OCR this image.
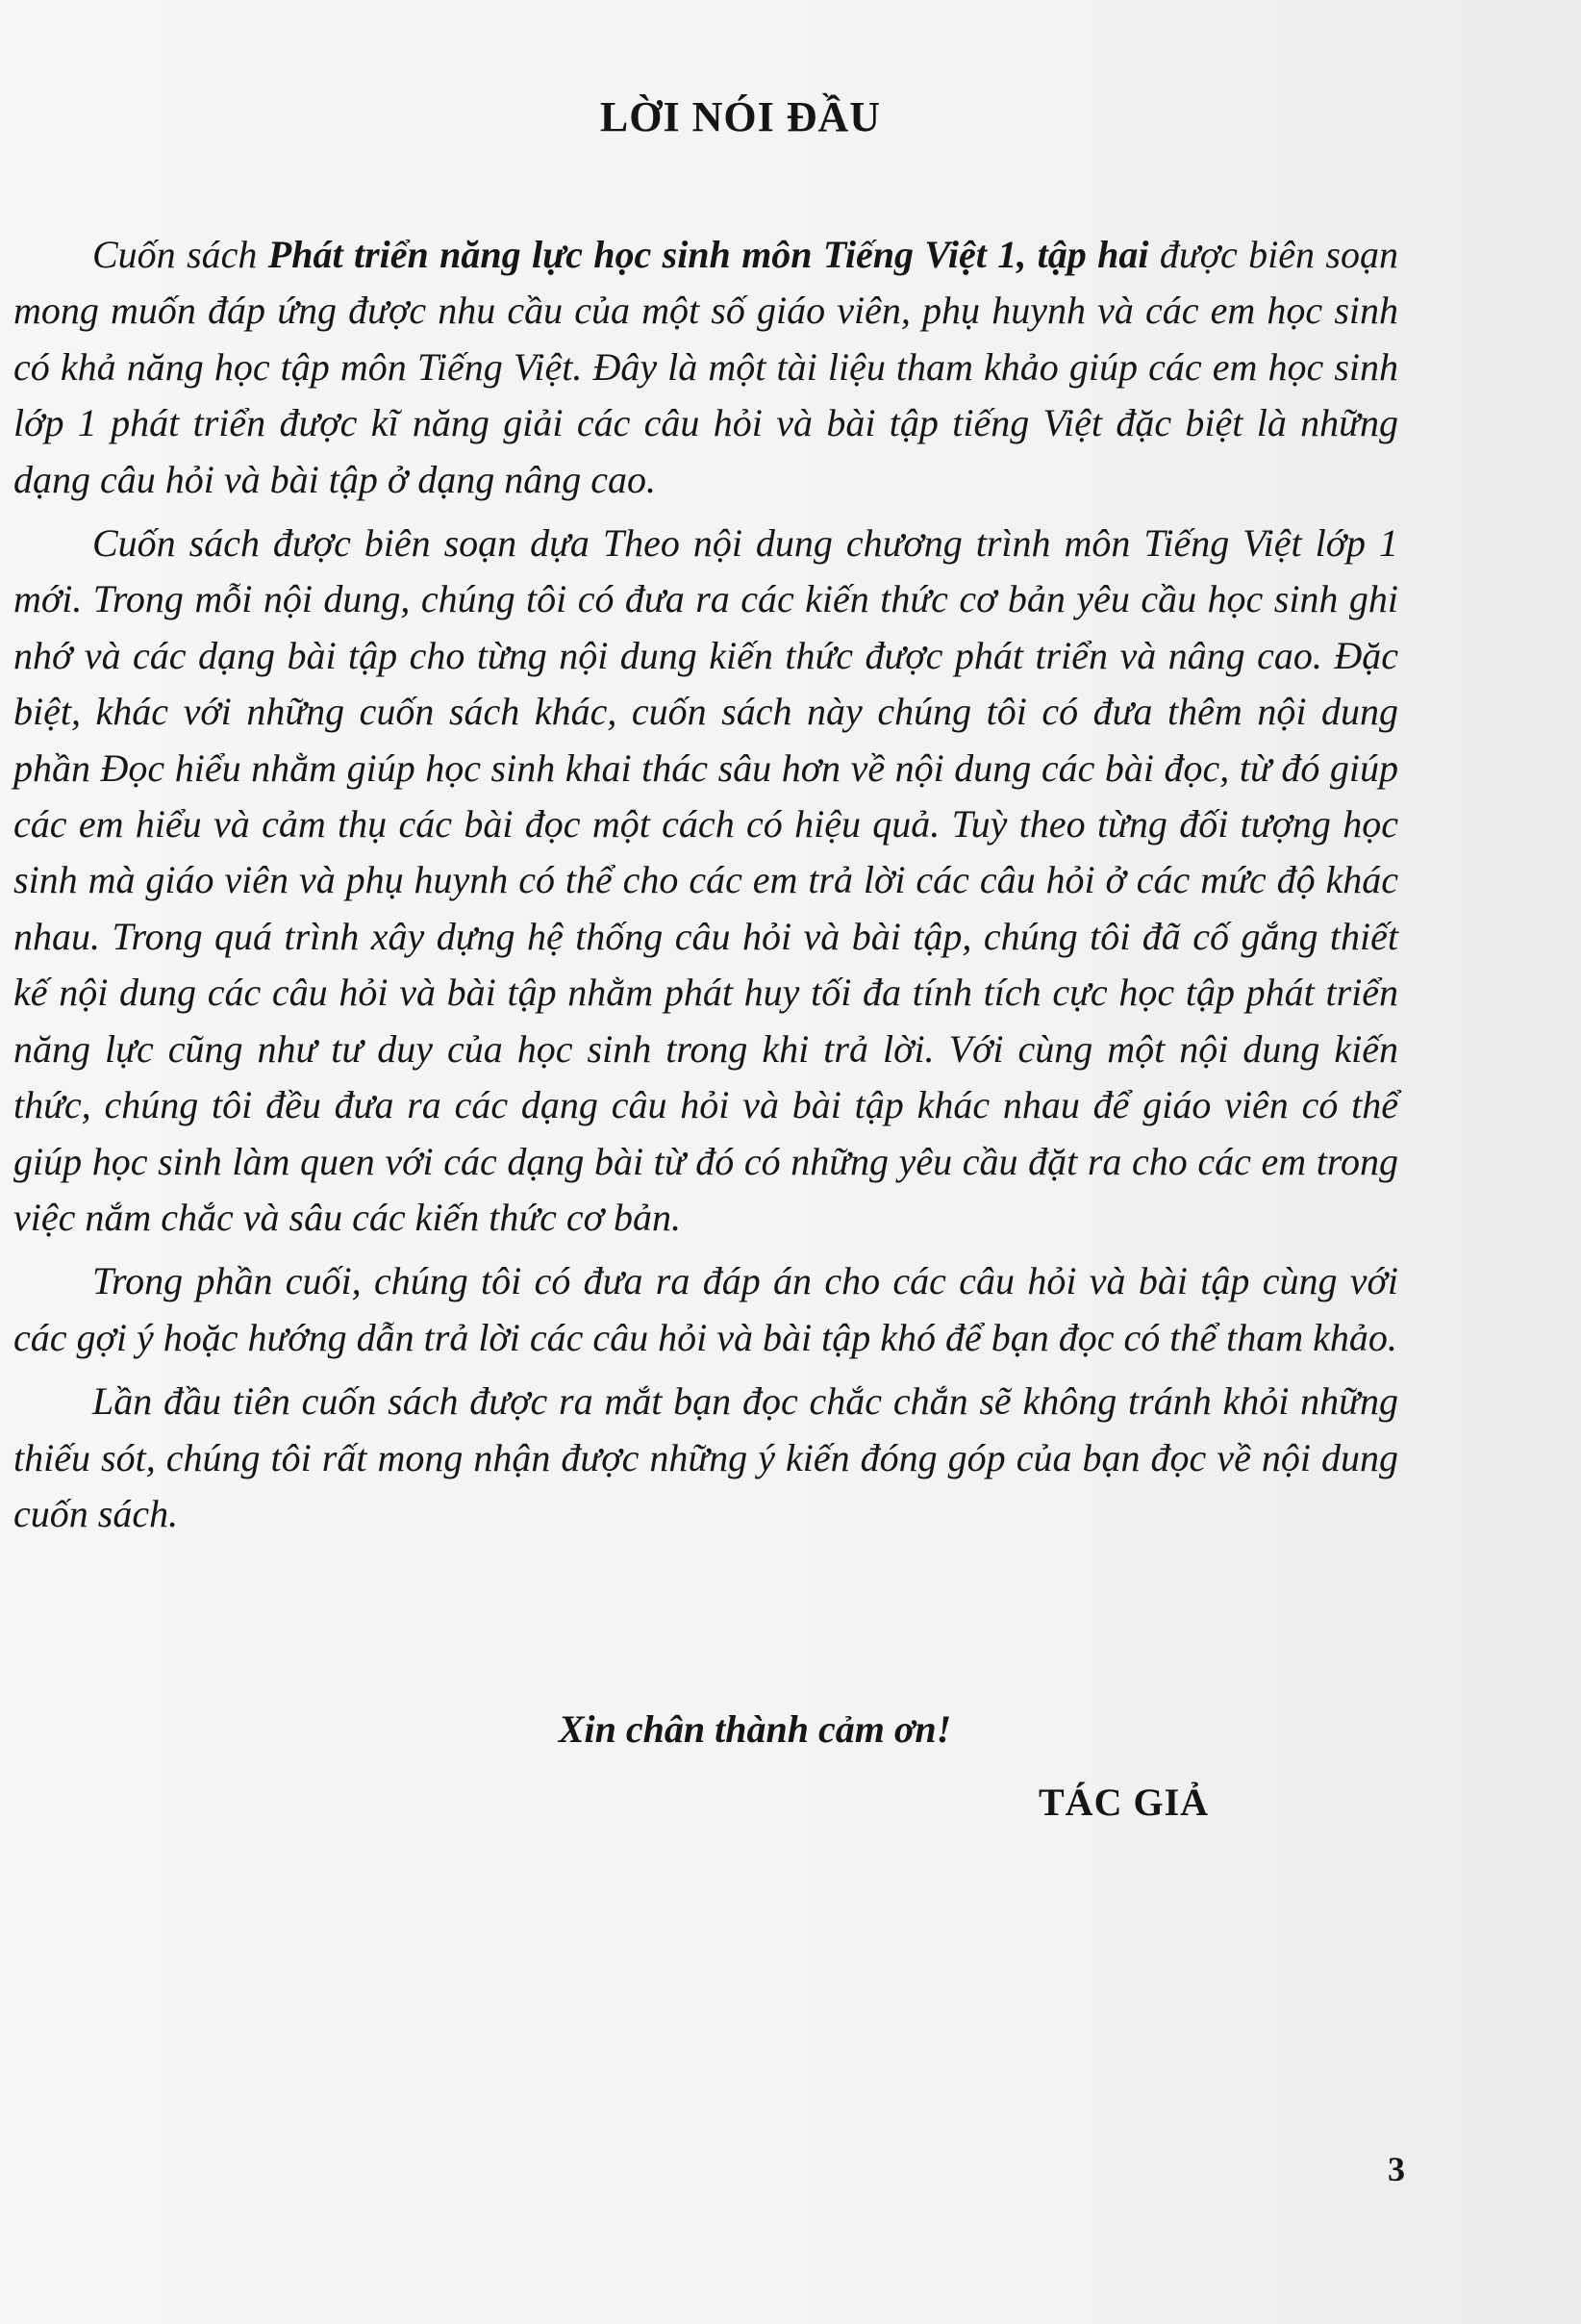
LỜI NÓI ĐẦU

Cuốn sách Phát triển năng lực học sinh môn Tiếng Việt 1, tập hai được biên soạn mong muốn đáp ứng được nhu cầu của một số giáo viên, phụ huynh và các em học sinh có khả năng học tập môn Tiếng Việt. Đây là một tài liệu tham khảo giúp các em học sinh lớp 1 phát triển được kĩ năng giải các câu hỏi và bài tập tiếng Việt đặc biệt là những dạng câu hỏi và bài tập ở dạng nâng cao.

Cuốn sách được biên soạn dựa Theo nội dung chương trình môn Tiếng Việt lớp 1 mới. Trong mỗi nội dung, chúng tôi có đưa ra các kiến thức cơ bản yêu cầu học sinh ghi nhớ và các dạng bài tập cho từng nội dung kiến thức được phát triển và nâng cao. Đặc biệt, khác với những cuốn sách khác, cuốn sách này chúng tôi có đưa thêm nội dung phần Đọc hiểu nhằm giúp học sinh khai thác sâu hơn về nội dung các bài đọc, từ đó giúp các em hiểu và cảm thụ các bài đọc một cách có hiệu quả. Tuỳ theo từng đối tượng học sinh mà giáo viên và phụ huynh có thể cho các em trả lời các câu hỏi ở các mức độ khác nhau. Trong quá trình xây dựng hệ thống câu hỏi và bài tập, chúng tôi đã cố gắng thiết kế nội dung các câu hỏi và bài tập nhằm phát huy tối đa tính tích cực học tập phát triển năng lực cũng như tư duy của học sinh trong khi trả lời. Với cùng một nội dung kiến thức, chúng tôi đều đưa ra các dạng câu hỏi và bài tập khác nhau để giáo viên có thể giúp học sinh làm quen với các dạng bài từ đó có những yêu cầu đặt ra cho các em trong việc nắm chắc và sâu các kiến thức cơ bản.

Trong phần cuối, chúng tôi có đưa ra đáp án cho các câu hỏi và bài tập cùng với các gợi ý hoặc hướng dẫn trả lời các câu hỏi và bài tập khó để bạn đọc có thể tham khảo.

Lần đầu tiên cuốn sách được ra mắt bạn đọc chắc chắn sẽ không tránh khỏi những thiếu sót, chúng tôi rất mong nhận được những ý kiến đóng góp của bạn đọc về nội dung cuốn sách.

Xin chân thành cảm ơn!

TÁC GIẢ

3
